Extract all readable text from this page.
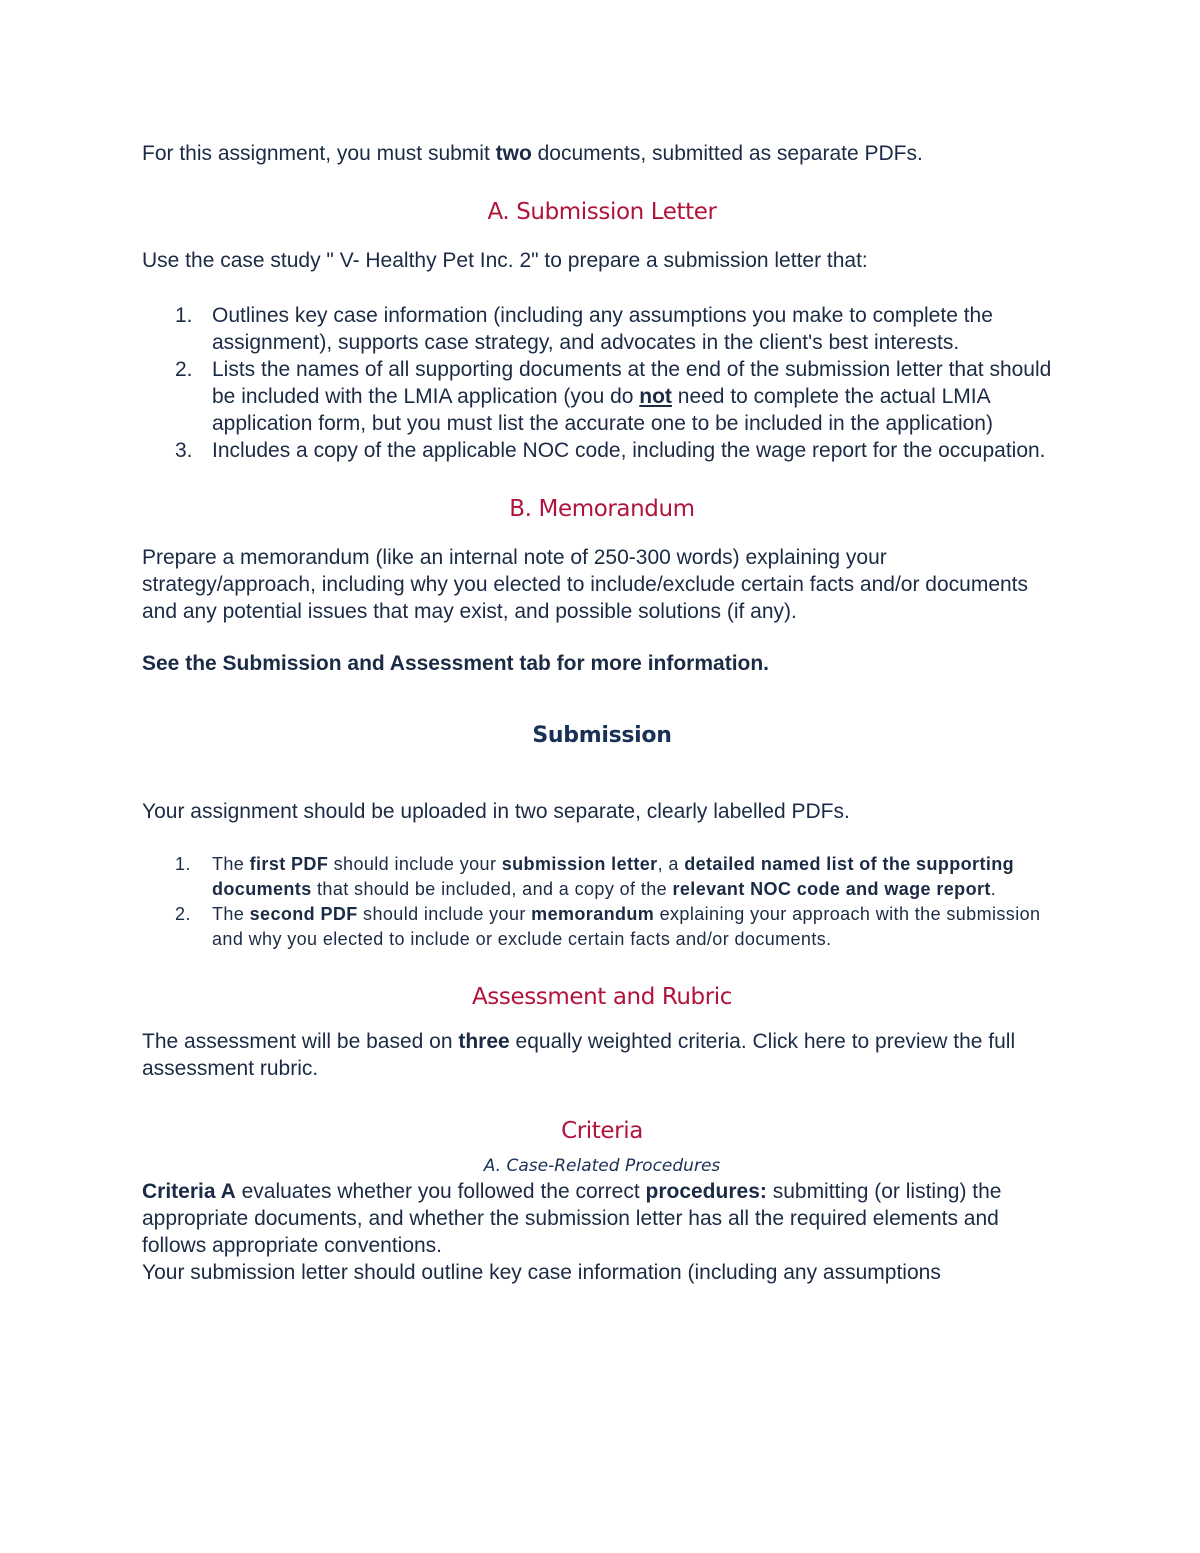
For this assignment, you must submit two documents, submitted as separate PDFs.

A. Submission Letter

Use the case study " V- Healthy Pet Inc. 2" to prepare a submission letter that:

1. Outlines key case information (including any assumptions you make to complete the assignment), supports case strategy, and advocates in the client's best interests.
2. Lists the names of all supporting documents at the end of the submission letter that should be included with the LMIA application (you do not need to complete the actual LMIA application form, but you must list the accurate one to be included in the application)
3. Includes a copy of the applicable NOC code, including the wage report for the occupation.

B. Memorandum

Prepare a memorandum (like an internal note of 250-300 words) explaining your strategy/approach, including why you elected to include/exclude certain facts and/or documents and any potential issues that may exist, and possible solutions (if any).

See the Submission and Assessment tab for more information.

Submission

Your assignment should be uploaded in two separate, clearly labelled PDFs.

1. The first PDF should include your submission letter, a detailed named list of the supporting documents that should be included, and a copy of the relevant NOC code and wage report.
2. The second PDF should include your memorandum explaining your approach with the submission and why you elected to include or exclude certain facts and/or documents.

Assessment and Rubric

The assessment will be based on three equally weighted criteria. Click here to preview the full assessment rubric.

Criteria

A. Case-Related Procedures

Criteria A evaluates whether you followed the correct procedures: submitting (or listing) the appropriate documents, and whether the submission letter has all the required elements and follows appropriate conventions.

Your submission letter should outline key case information (including any assumptions
